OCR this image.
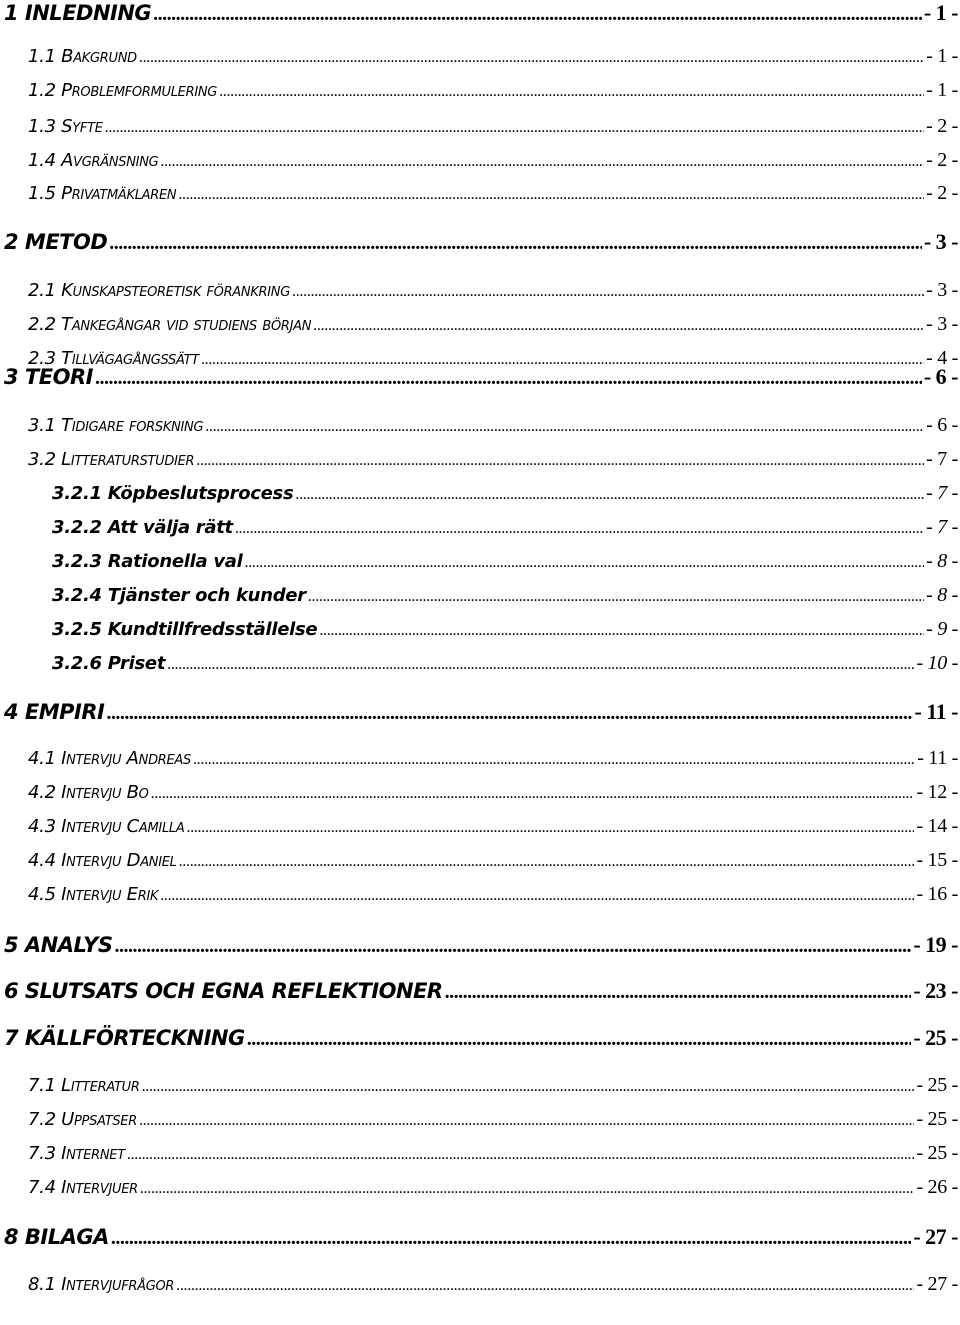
1 INLEDNING .....	- 1 -
1.1 Bakgrund .....	- 1 -
1.2 Problemformulering .....	- 1 -
1.3 Syfte .....	- 2 -
1.4 Avgränsning .....	- 2 -
1.5 Privatmäklaren .....	- 2 -
2 METOD .....	- 3 -
2.1 Kunskapsteoretisk förankring .....	- 3 -
2.2 Tankegångar vid studiens början .....	- 3 -
2.3 Tillvägagångssätt .....	- 4 -
3 TEORI .....	- 6 -
3.1 Tidigare forskning .....	- 6 -
3.2 Litteraturstudier .....	- 7 -
3.2.1 Köpbeslutsprocess .....	- 7 -
3.2.2 Att välja rätt .....	- 7 -
3.2.3 Rationella val .....	- 8 -
3.2.4 Tjänster och kunder .....	- 8 -
3.2.5 Kundtillfredsställelse .....	- 9 -
3.2.6 Priset .....	- 10 -
4 EMPIRI .....	- 11 -
4.1 Intervju Andreas .....	- 11 -
4.2 Intervju Bo .....	- 12 -
4.3 Intervju Camilla .....	- 14 -
4.4 Intervju Daniel .....	- 15 -
4.5 Intervju Erik .....	- 16 -
5 ANALYS .....	- 19 -
6 SLUTSATS OCH EGNA REFLEKTIONER .....	- 23 -
7 KÄLLFÖRTECKNING .....	- 25 -
7.1 Litteratur .....	- 25 -
7.2 Uppsatser .....	- 25 -
7.3 Internet .....	- 25 -
7.4 Intervjuer .....	- 26 -
8 BILAGA .....	- 27 -
8.1 Intervjufrågor .....	- 27 -
